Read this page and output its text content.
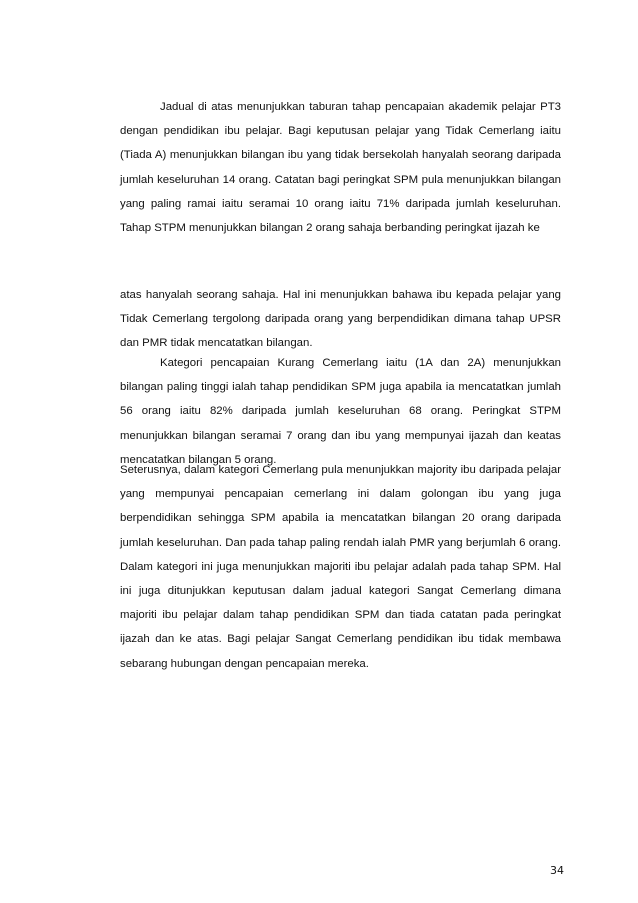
Jadual di atas menunjukkan taburan tahap pencapaian akademik pelajar PT3 dengan pendidikan ibu pelajar. Bagi keputusan pelajar yang Tidak Cemerlang iaitu (Tiada A) menunjukkan bilangan ibu yang tidak bersekolah hanyalah seorang daripada jumlah keseluruhan 14 orang. Catatan bagi peringkat SPM pula menunjukkan bilangan yang paling ramai iaitu seramai 10 orang iaitu 71% daripada jumlah keseluruhan. Tahap STPM menunjukkan bilangan 2 orang sahaja berbanding peringkat ijazah ke

atas hanyalah seorang sahaja. Hal ini menunjukkan bahawa ibu kepada pelajar yang Tidak Cemerlang tergolong daripada orang yang berpendidikan dimana tahap UPSR dan PMR tidak mencatatkan bilangan.

Kategori pencapaian Kurang Cemerlang iaitu (1A dan 2A) menunjukkan bilangan paling tinggi ialah tahap pendidikan SPM juga apabila ia mencatatkan jumlah 56 orang iaitu 82% daripada jumlah keseluruhan 68 orang. Peringkat STPM menunjukkan bilangan seramai 7 orang dan ibu yang mempunyai ijazah dan keatas mencatatkan bilangan 5 orang.

Seterusnya, dalam kategori Cemerlang pula menunjukkan majority ibu daripada pelajar yang mempunyai pencapaian cemerlang ini dalam golongan ibu yang juga berpendidikan sehingga SPM apabila ia mencatatkan bilangan 20 orang daripada jumlah keseluruhan. Dan pada tahap paling rendah ialah PMR yang berjumlah 6 orang. Dalam kategori ini juga menunjukkan majoriti ibu pelajar adalah pada tahap SPM. Hal ini juga ditunjukkan keputusan dalam jadual kategori Sangat Cemerlang dimana majoriti ibu pelajar dalam tahap pendidikan SPM dan tiada catatan pada peringkat ijazah dan ke atas. Bagi pelajar Sangat Cemerlang pendidikan ibu tidak membawa sebarang hubungan dengan pencapaian mereka.

34
